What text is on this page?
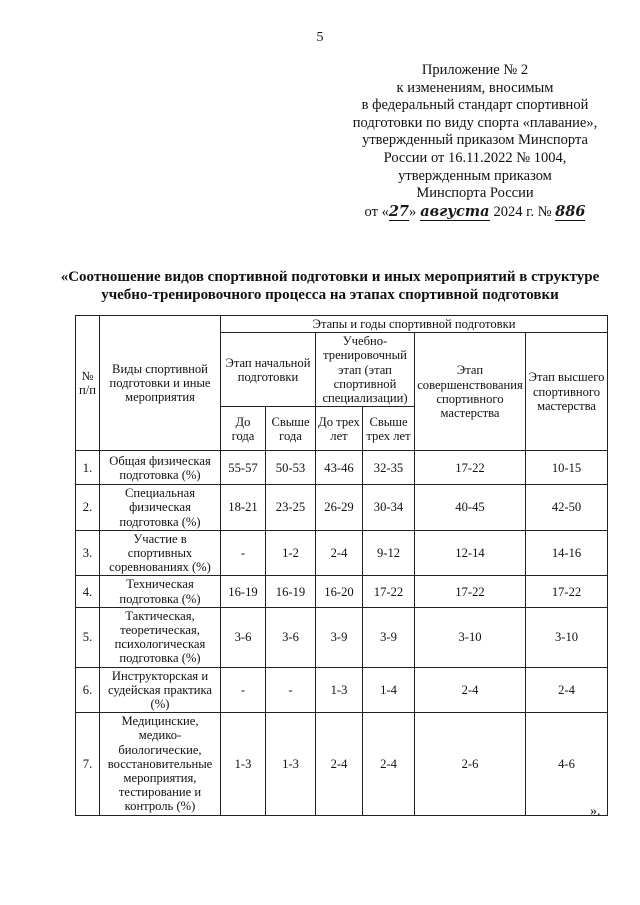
5
Приложение № 2
к изменениям, вносимым
в федеральный стандарт спортивной
подготовки по виду спорта «плавание»,
утвержденный приказом Минспорта
России от 16.11.2022 № 1004,
утвержденным приказом
Минспорта России
от «27» августа 2024 г. № 886
«Соотношение видов спортивной подготовки и иных мероприятий в структуре
учебно-тренировочного процесса на этапах спортивной подготовки
№ п/п	Виды спортивной подготовки и иные мероприятия	Этапы и годы спортивной подготовки					
		Этап начальной подготовки		Учебно-тренировочный этап (этап спортивной специализации)		Этап совершенствования спортивного мастерства	Этап высшего спортивного мастерства
		До года	Свыше года	До трех лет	Свыше трех лет		
1.	Общая физическая подготовка (%)	55-57	50-53	43-46	32-35	17-22	10-15
2.	Специальная физическая подготовка (%)	18-21	23-25	26-29	30-34	40-45	42-50
3.	Участие в спортивных соревнованиях (%)	-	1-2	2-4	9-12	12-14	14-16
4.	Техническая подготовка (%)	16-19	16-19	16-20	17-22	17-22	17-22
5.	Тактическая, теоретическая, психологическая подготовка (%)	3-6	3-6	3-9	3-9	3-10	3-10
6.	Инструкторская и судейская практика (%)	-	-	1-3	1-4	2-4	2-4
7.	Медицинские, медико-биологические, восстановительные мероприятия, тестирование и контроль (%)	1-3	1-3	2-4	2-4	2-6	4-6
».
